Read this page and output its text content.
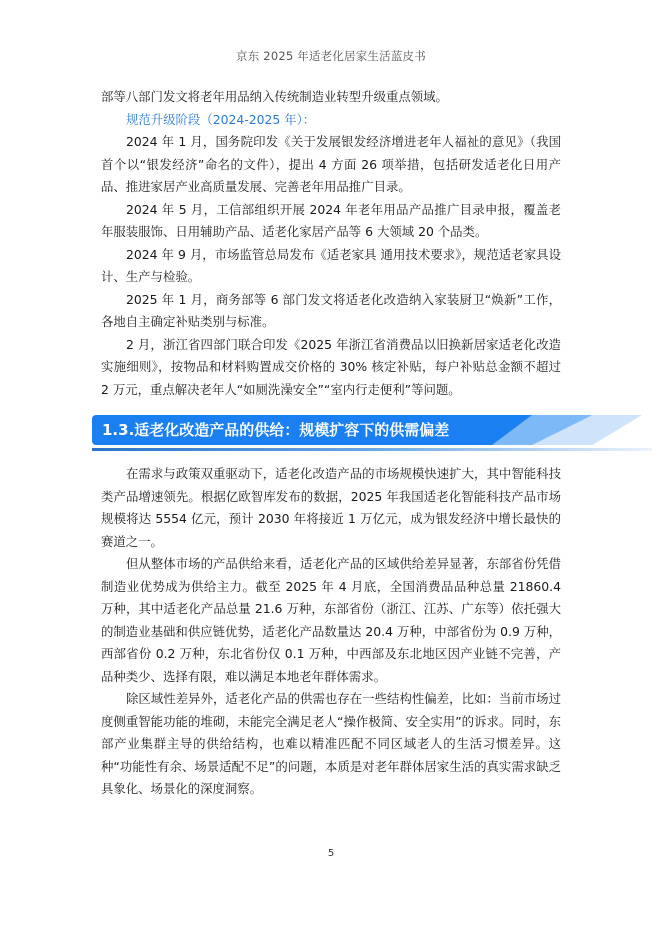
京东 2025 年适老化居家生活蓝皮书

部等八部门发文将老年用品纳入传统制造业转型升级重点领域。

规范升级阶段（2024-2025 年）：

2024 年 1 月，国务院印发《关于发展银发经济增进老年人福祉的意见》（我国首个以“银发经济”命名的文件），提出 4 方面 26 项举措，包括研发适老化日用产品、推进家居产业高质量发展、完善老年用品推广目录。

2024 年 5 月，工信部组织开展 2024 年老年用品产品推广目录申报，覆盖老年服装服饰、日用辅助产品、适老化家居产品等 6 大领域 20 个品类。

2024 年 9 月，市场监管总局发布《适老家具 通用技术要求》，规范适老家具设计、生产与检验。

2025 年 1 月，商务部等 6 部门发文将适老化改造纳入家装厨卫“焕新”工作，各地自主确定补贴类别与标准。

2 月，浙江省四部门联合印发《2025 年浙江省消费品以旧换新居家适老化改造实施细则》，按物品和材料购置成交价格的 30% 核定补贴，每户补贴总金额不超过 2 万元，重点解决老年人“如厕洗澡安全”“室内行走便利”等问题。

1.3.适老化改造产品的供给：规模扩容下的供需偏差

在需求与政策双重驱动下，适老化改造产品的市场规模快速扩大，其中智能科技类产品增速领先。根据亿欧智库发布的数据，2025 年我国适老化智能科技产品市场规模将达 5554 亿元，预计 2030 年将接近 1 万亿元，成为银发经济中增长最快的赛道之一。

但从整体市场的产品供给来看，适老化产品的区域供给差异显著，东部省份凭借制造业优势成为供给主力。截至 2025 年 4 月底，全国消费品品种总量 21860.4 万种，其中适老化产品总量 21.6 万种，东部省份（浙江、江苏、广东等）依托强大的制造业基础和供应链优势，适老化产品数量达 20.4 万种，中部省份为 0.9 万种，西部省份 0.2 万种，东北省份仅 0.1 万种，中西部及东北地区因产业链不完善，产品种类少、选择有限，难以满足本地老年群体需求。

除区域性差异外，适老化产品的供需也存在一些结构性偏差，比如：当前市场过度侧重智能功能的堆砌，未能完全满足老人“操作极简、安全实用”的诉求。同时，东部产业集群主导的供给结构，也难以精准匹配不同区域老人的生活习惯差异。这种“功能性有余、场景适配不足”的问题，本质是对老年群体居家生活的真实需求缺乏具象化、场景化的深度洞察。

5
